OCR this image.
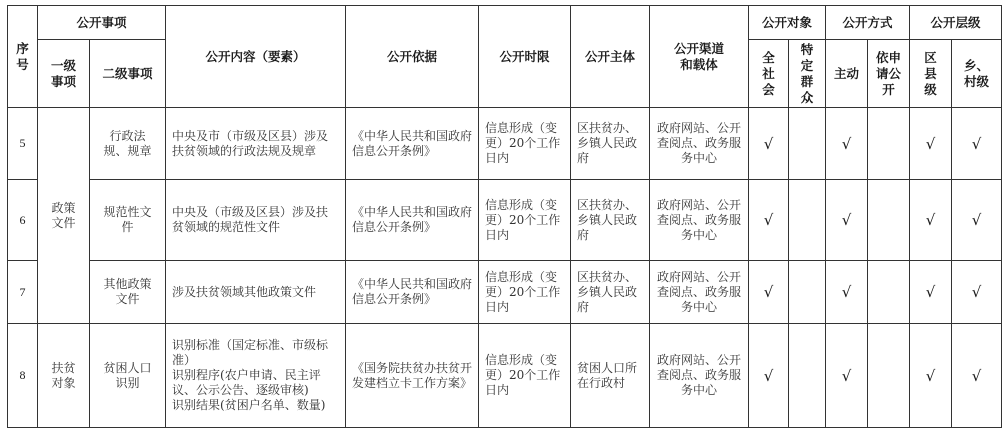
序号	公开事项		公开内容（要素）	公开依据	公开时限	公开主体	公开渠道和载体	公开对象		公开方式		公开层级	
	一级事项	二级事项						全社会	特定群众	主动	依申请公开	区县级	乡、村级

5	政策文件	行政法规、规章	中央及市（市级及区县）涉及扶贫领域的行政法规及规章	《中华人民共和国政府信息公开条例》	信息形成（变更）20个工作日内	区扶贫办、乡镇人民政府	政府网站、公开查阅点、政务服务中心	√		√		√	√
6		规范性文件	中央及（市级及区县）涉及扶贫领域的规范性文件	《中华人民共和国政府信息公开条例》	信息形成（变更）20个工作日内	区扶贫办、乡镇人民政府	政府网站、公开查阅点、政务服务中心	√		√		√	√
7		其他政策文件	涉及扶贫领域其他政策文件	《中华人民共和国政府信息公开条例》	信息形成（变更）20个工作日内	区扶贫办、乡镇人民政府	政府网站、公开查阅点、政务服务中心	√		√		√	√
8	扶贫对象	贫困人口识别	识别标准（国定标准、市级标准）
识别程序(农户申请、民主评议、公示公告、逐级审核)
识别结果(贫困户名单、数量)	《国务院扶贫办扶贫开发建档立卡工作方案》	信息形成（变更）20个工作日内	贫困人口所在行政村	政府网站、公开查阅点、政务服务中心	√		√		√	√
